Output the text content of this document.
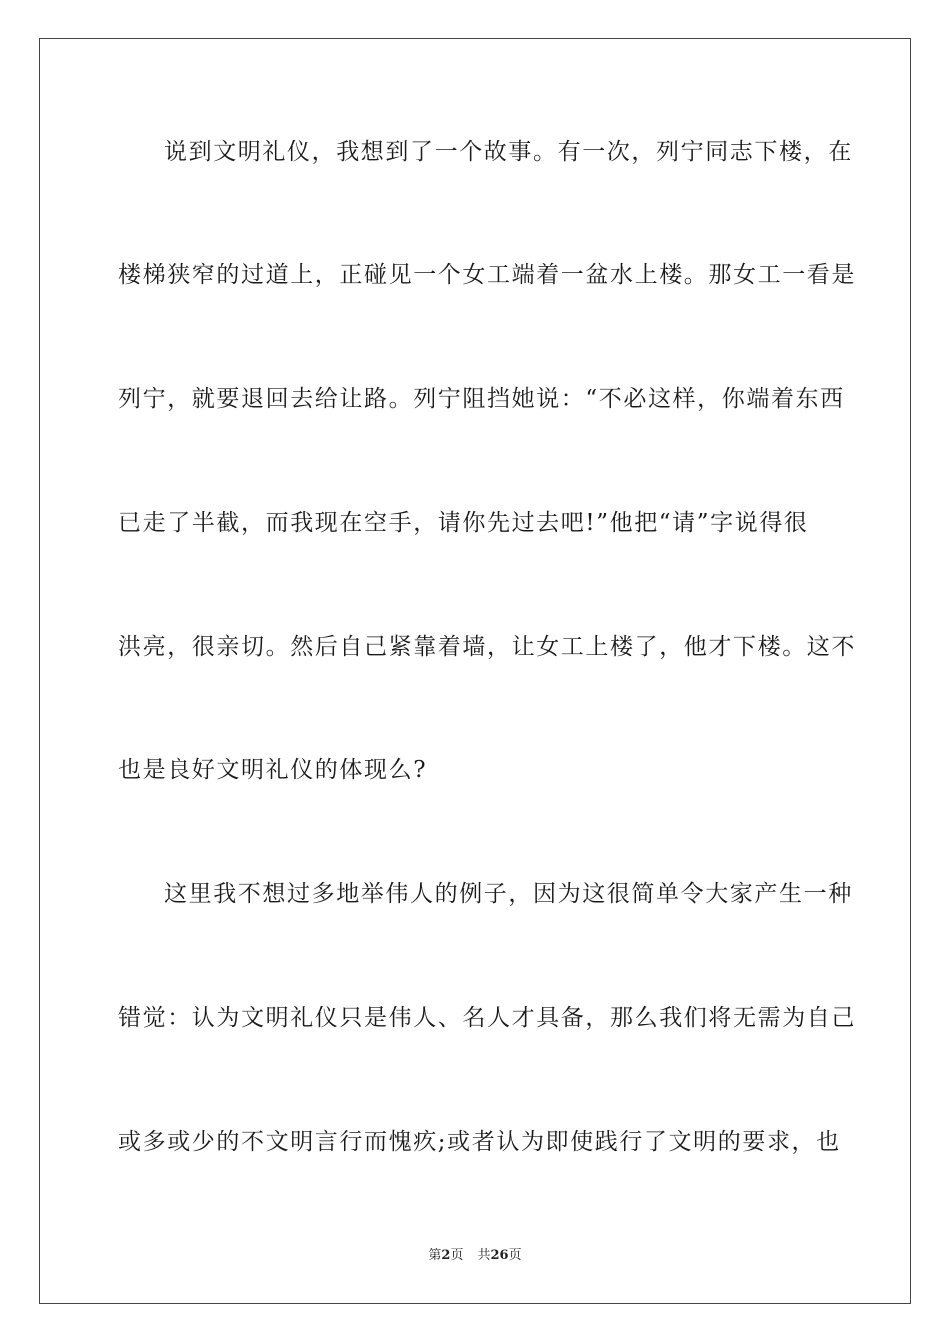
说到文明礼仪，我想到了一个故事。有一次，列宁同志下楼，在
楼梯狭窄的过道上，正碰见一个女工端着一盆水上楼。那女工一看是
列宁，就要退回去给让路。列宁阻挡她说：“不必这样，你端着东西
已走了半截，而我现在空手，请你先过去吧!”他把“请”字说得很
洪亮，很亲切。然后自己紧靠着墙，让女工上楼了，他才下楼。这不
也是良好文明礼仪的体现么?
这里我不想过多地举伟人的例子，因为这很简单令大家产生一种
错觉：认为文明礼仪只是伟人、名人才具备，那么我们将无需为自己
或多或少的不文明言行而愧疚;或者认为即使践行了文明的要求，也
第2页 共26页
